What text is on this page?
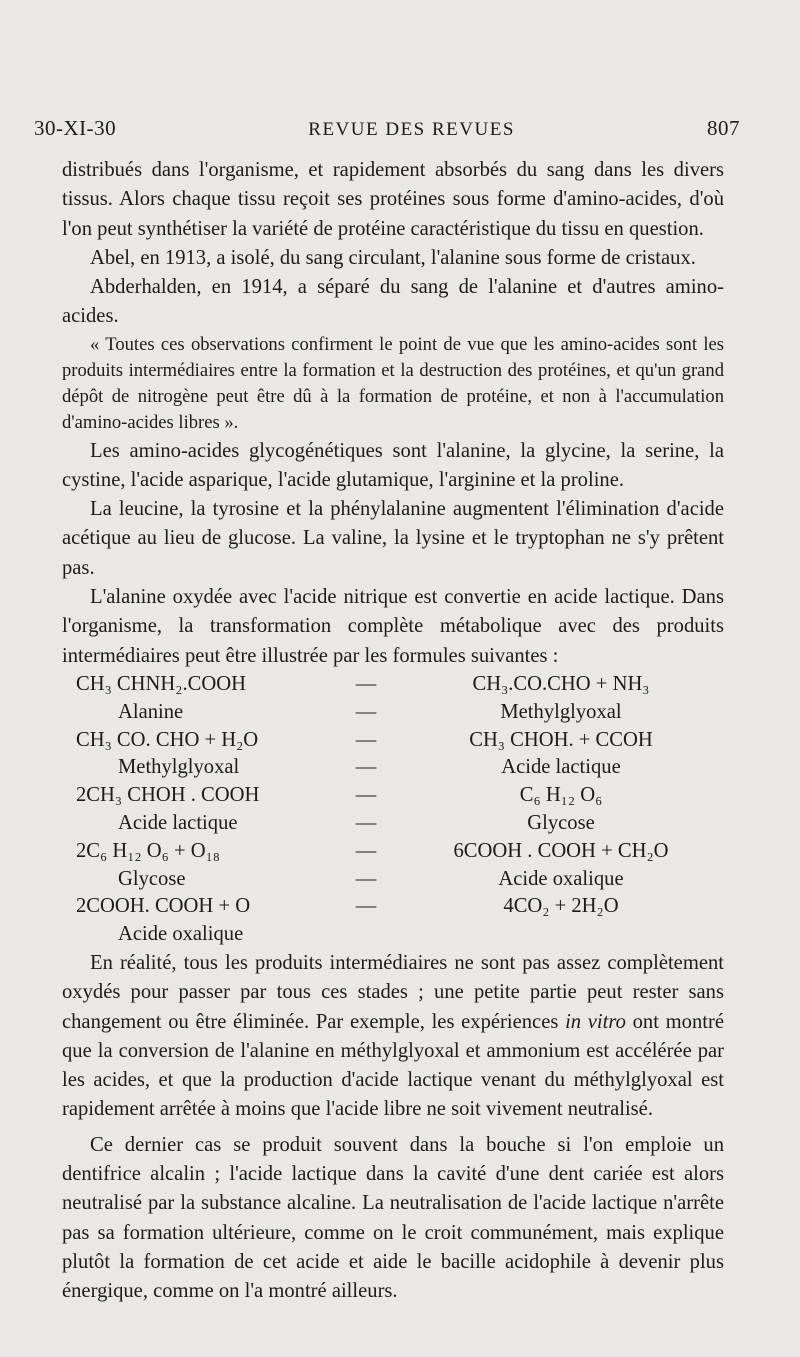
30-XI-30	REVUE DES REVUES	807

distribués dans l'organisme, et rapidement absorbés du sang dans les divers tissus. Alors chaque tissu reçoit ses protéines sous forme d'amino-acides, d'où l'on peut synthétiser la variété de protéine caractéristique du tissu en question.

Abel, en 1913, a isolé, du sang circulant, l'alanine sous forme de cristaux.

Abderhalden, en 1914, a séparé du sang de l'alanine et d'autres amino-acides.

« Toutes ces observations confirment le point de vue que les amino-acides sont les produits intermédiaires entre la formation et la destruction des protéines, et qu'un grand dépôt de nitrogène peut être dû à la formation de protéine, et non à l'accumulation d'amino-acides libres ».

Les amino-acides glycogénétiques sont l'alanine, la glycine, la serine, la cystine, l'acide asparique, l'acide glutamique, l'arginine et la proline.

La leucine, la tyrosine et la phénylalanine augmentent l'élimination d'acide acétique au lieu de glucose. La valine, la lysine et le tryptophan ne s'y prêtent pas.

L'alanine oxydée avec l'acide nitrique est convertie en acide lactique. Dans l'organisme, la transformation complète métabolique avec des produits intermédiaires peut être illustrée par les formules suivantes :

CH₃ CHNH₂.COOH	—	CH₃.CO.CHO + NH₃
Alanine	—	Methylglyoxal
CH₃ CO. CHO + H₂O	—	CH₃ CHOH. + CCOH
Methylglyoxal	—	Acide lactique
2CH₃ CHOH . COOH	—	C₆ H₁₂ O₆
Acide lactique	—	Glycose
2C₆ H₁₂ O₆ + O₁₈	—	6COOH . COOH + CH₂O
Glycose	—	Acide oxalique
2COOH. COOH + O	—	4CO₂ + 2H₂O
Acide oxalique

En réalité, tous les produits intermédiaires ne sont pas assez complètement oxydés pour passer par tous ces stades ; une petite partie peut rester sans changement ou être éliminée. Par exemple, les expériences in vitro ont montré que la conversion de l'alanine en méthylglyoxal et ammonium est accélérée par les acides, et que la production d'acide lactique venant du méthylglyoxal est rapidement arrêtée à moins que l'acide libre ne soit vivement neutralisé.

Ce dernier cas se produit souvent dans la bouche si l'on emploie un dentifrice alcalin ; l'acide lactique dans la cavité d'une dent cariée est alors neutralisé par la substance alcaline. La neutralisation de l'acide lactique n'arrête pas sa formation ultérieure, comme on le croit communément, mais explique plutôt la formation de cet acide et aide le bacille acidophile à devenir plus énergique, comme on l'a montré ailleurs.
